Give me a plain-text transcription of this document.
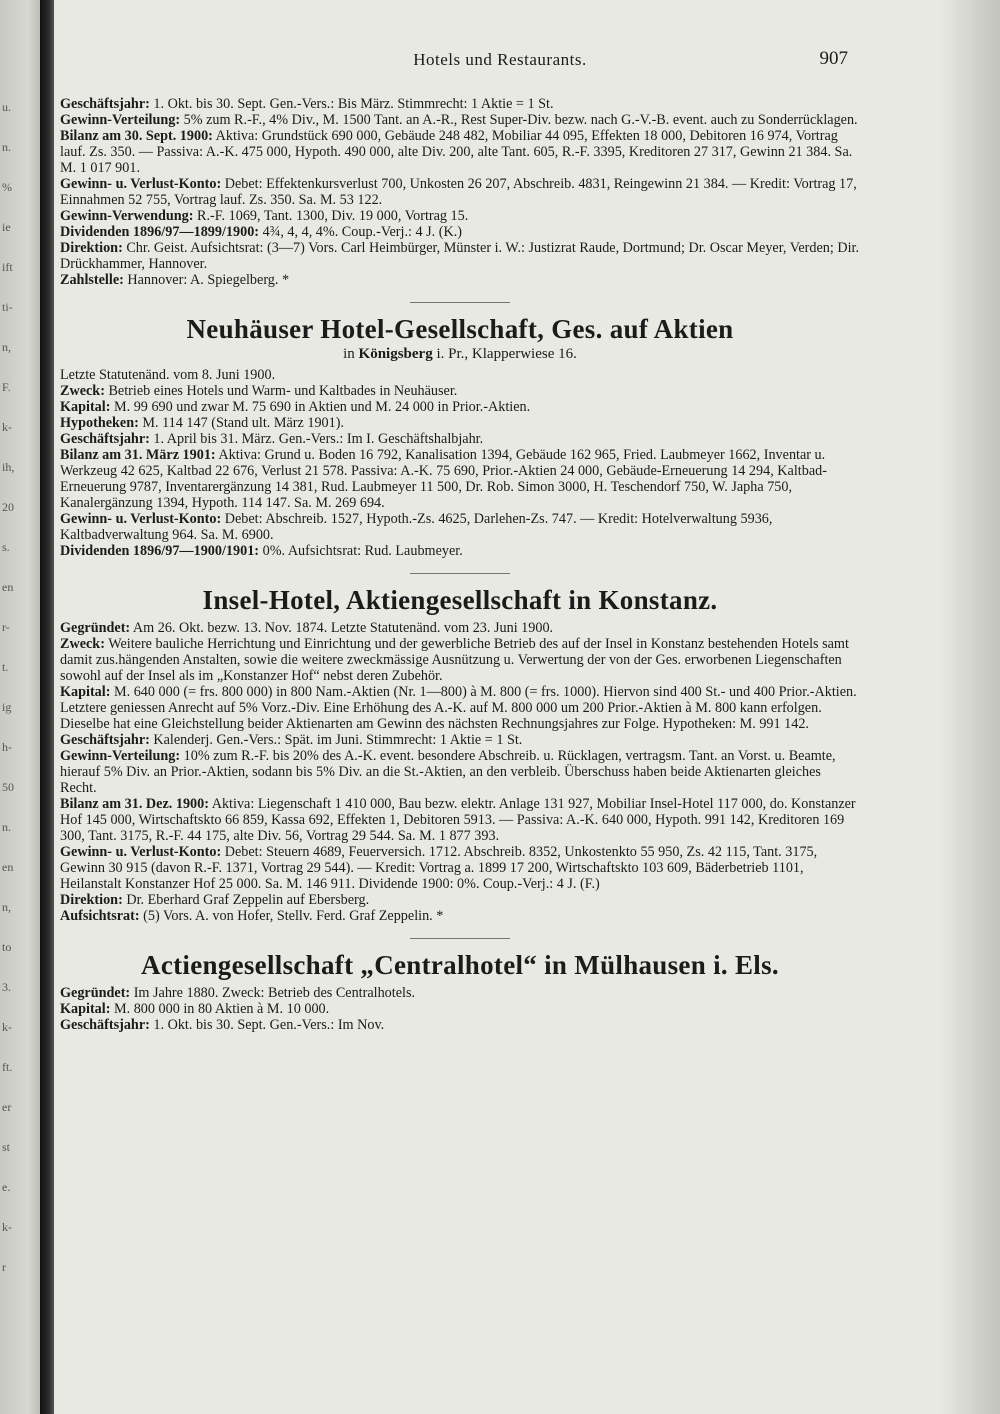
u.
n.
%
ie
ift
ti-
n,
F.
k-
ih,
20
s.
en
r-
t.
ig
h-
50
n.
en
n,
to
3.
k-
ft.
er
st
e.
k-
r
Hotels und Restaurants.	907

Geschäftsjahr: 1. Okt. bis 30. Sept. Gen.-Vers.: Bis März. Stimmrecht: 1 Aktie = 1 St.

Gewinn-Verteilung: 5% zum R.-F., 4% Div., M. 1500 Tant. an A.-R., Rest Super-Div. bezw. nach G.-V.-B. event. auch zu Sonderrücklagen.

Bilanz am 30. Sept. 1900: Aktiva: Grundstück 690 000, Gebäude 248 482, Mobiliar 44 095, Effekten 18 000, Debitoren 16 974, Vortrag lauf. Zs. 350. — Passiva: A.-K. 475 000, Hypoth. 490 000, alte Div. 200, alte Tant. 605, R.-F. 3395, Kreditoren 27 317, Gewinn 21 384. Sa. M. 1 017 901.

Gewinn- u. Verlust-Konto: Debet: Effektenkursverlust 700, Unkosten 26 207, Abschreib. 4831, Reingewinn 21 384. — Kredit: Vortrag 17, Einnahmen 52 755, Vortrag lauf. Zs. 350. Sa. M. 53 122.

Gewinn-Verwendung: R.-F. 1069, Tant. 1300, Div. 19 000, Vortrag 15.

Dividenden 1896/97—1899/1900: 4¾, 4, 4, 4%. Coup.-Verj.: 4 J. (K.)

Direktion: Chr. Geist. Aufsichtsrat: (3—7) Vors. Carl Heimbürger, Münster i. W.: Justizrat Raude, Dortmund; Dr. Oscar Meyer, Verden; Dir. Drückhammer, Hannover.

Zahlstelle: Hannover: A. Spiegelberg. *

Neuhäuser Hotel-Gesellschaft, Ges. auf Aktien
in Königsberg i. Pr., Klapperwiese 16.

Letzte Statutenänd. vom 8. Juni 1900.

Zweck: Betrieb eines Hotels und Warm- und Kaltbades in Neuhäuser.

Kapital: M. 99 690 und zwar M. 75 690 in Aktien und M. 24 000 in Prior.-Aktien.

Hypotheken: M. 114 147 (Stand ult. März 1901).

Geschäftsjahr: 1. April bis 31. März. Gen.-Vers.: Im I. Geschäftshalbjahr.

Bilanz am 31. März 1901: Aktiva: Grund u. Boden 16 792, Kanalisation 1394, Gebäude 162 965, Fried. Laubmeyer 1662, Inventar u. Werkzeug 42 625, Kaltbad 22 676, Verlust 21 578. Passiva: A.-K. 75 690, Prior.-Aktien 24 000, Gebäude-Erneuerung 14 294, Kaltbad-Erneuerung 9787, Inventarergänzung 14 381, Rud. Laubmeyer 11 500, Dr. Rob. Simon 3000, H. Teschendorf 750, W. Japha 750, Kanalergänzung 1394, Hypoth. 114 147. Sa. M. 269 694.

Gewinn- u. Verlust-Konto: Debet: Abschreib. 1527, Hypoth.-Zs. 4625, Darlehen-Zs. 747. — Kredit: Hotelverwaltung 5936, Kaltbadverwaltung 964. Sa. M. 6900.

Dividenden 1896/97—1900/1901: 0%. Aufsichtsrat: Rud. Laubmeyer.

Insel-Hotel, Aktiengesellschaft in Konstanz.

Gegründet: Am 26. Okt. bezw. 13. Nov. 1874. Letzte Statutenänd. vom 23. Juni 1900.

Zweck: Weitere bauliche Herrichtung und Einrichtung und der gewerbliche Betrieb des auf der Insel in Konstanz bestehenden Hotels samt damit zus.hängenden Anstalten, sowie die weitere zweckmässige Ausnützung u. Verwertung der von der Ges. erworbenen Liegenschaften sowohl auf der Insel als im „Konstanzer Hof“ nebst deren Zubehör.

Kapital: M. 640 000 (= frs. 800 000) in 800 Nam.-Aktien (Nr. 1—800) à M. 800 (= frs. 1000). Hiervon sind 400 St.- und 400 Prior.-Aktien. Letztere geniessen Anrecht auf 5% Vorz.-Div. Eine Erhöhung des A.-K. auf M. 800 000 um 200 Prior.-Aktien à M. 800 kann erfolgen. Dieselbe hat eine Gleichstellung beider Aktienarten am Gewinn des nächsten Rechnungsjahres zur Folge. Hypotheken: M. 991 142.

Geschäftsjahr: Kalenderj. Gen.-Vers.: Spät. im Juni. Stimmrecht: 1 Aktie = 1 St.

Gewinn-Verteilung: 10% zum R.-F. bis 20% des A.-K. event. besondere Abschreib. u. Rücklagen, vertragsm. Tant. an Vorst. u. Beamte, hierauf 5% Div. an Prior.-Aktien, sodann bis 5% Div. an die St.-Aktien, an den verbleib. Überschuss haben beide Aktienarten gleiches Recht.

Bilanz am 31. Dez. 1900: Aktiva: Liegenschaft 1 410 000, Bau bezw. elektr. Anlage 131 927, Mobiliar Insel-Hotel 117 000, do. Konstanzer Hof 145 000, Wirtschaftskto 66 859, Kassa 692, Effekten 1, Debitoren 5913. — Passiva: A.-K. 640 000, Hypoth. 991 142, Kreditoren 169 300, Tant. 3175, R.-F. 44 175, alte Div. 56, Vortrag 29 544. Sa. M. 1 877 393.

Gewinn- u. Verlust-Konto: Debet: Steuern 4689, Feuerversich. 1712. Abschreib. 8352, Unkostenkto 55 950, Zs. 42 115, Tant. 3175, Gewinn 30 915 (davon R.-F. 1371, Vortrag 29 544). — Kredit: Vortrag a. 1899 17 200, Wirtschaftskto 103 609, Bäderbetrieb 1101, Heilanstalt Konstanzer Hof 25 000. Sa. M. 146 911. Dividende 1900: 0%. Coup.-Verj.: 4 J. (F.)

Direktion: Dr. Eberhard Graf Zeppelin auf Ebersberg.

Aufsichtsrat: (5) Vors. A. von Hofer, Stellv. Ferd. Graf Zeppelin. *

Actiengesellschaft „Centralhotel“ in Mülhausen i. Els.

Gegründet: Im Jahre 1880. Zweck: Betrieb des Centralhotels.

Kapital: M. 800 000 in 80 Aktien à M. 10 000.

Geschäftsjahr: 1. Okt. bis 30. Sept. Gen.-Vers.: Im Nov.
